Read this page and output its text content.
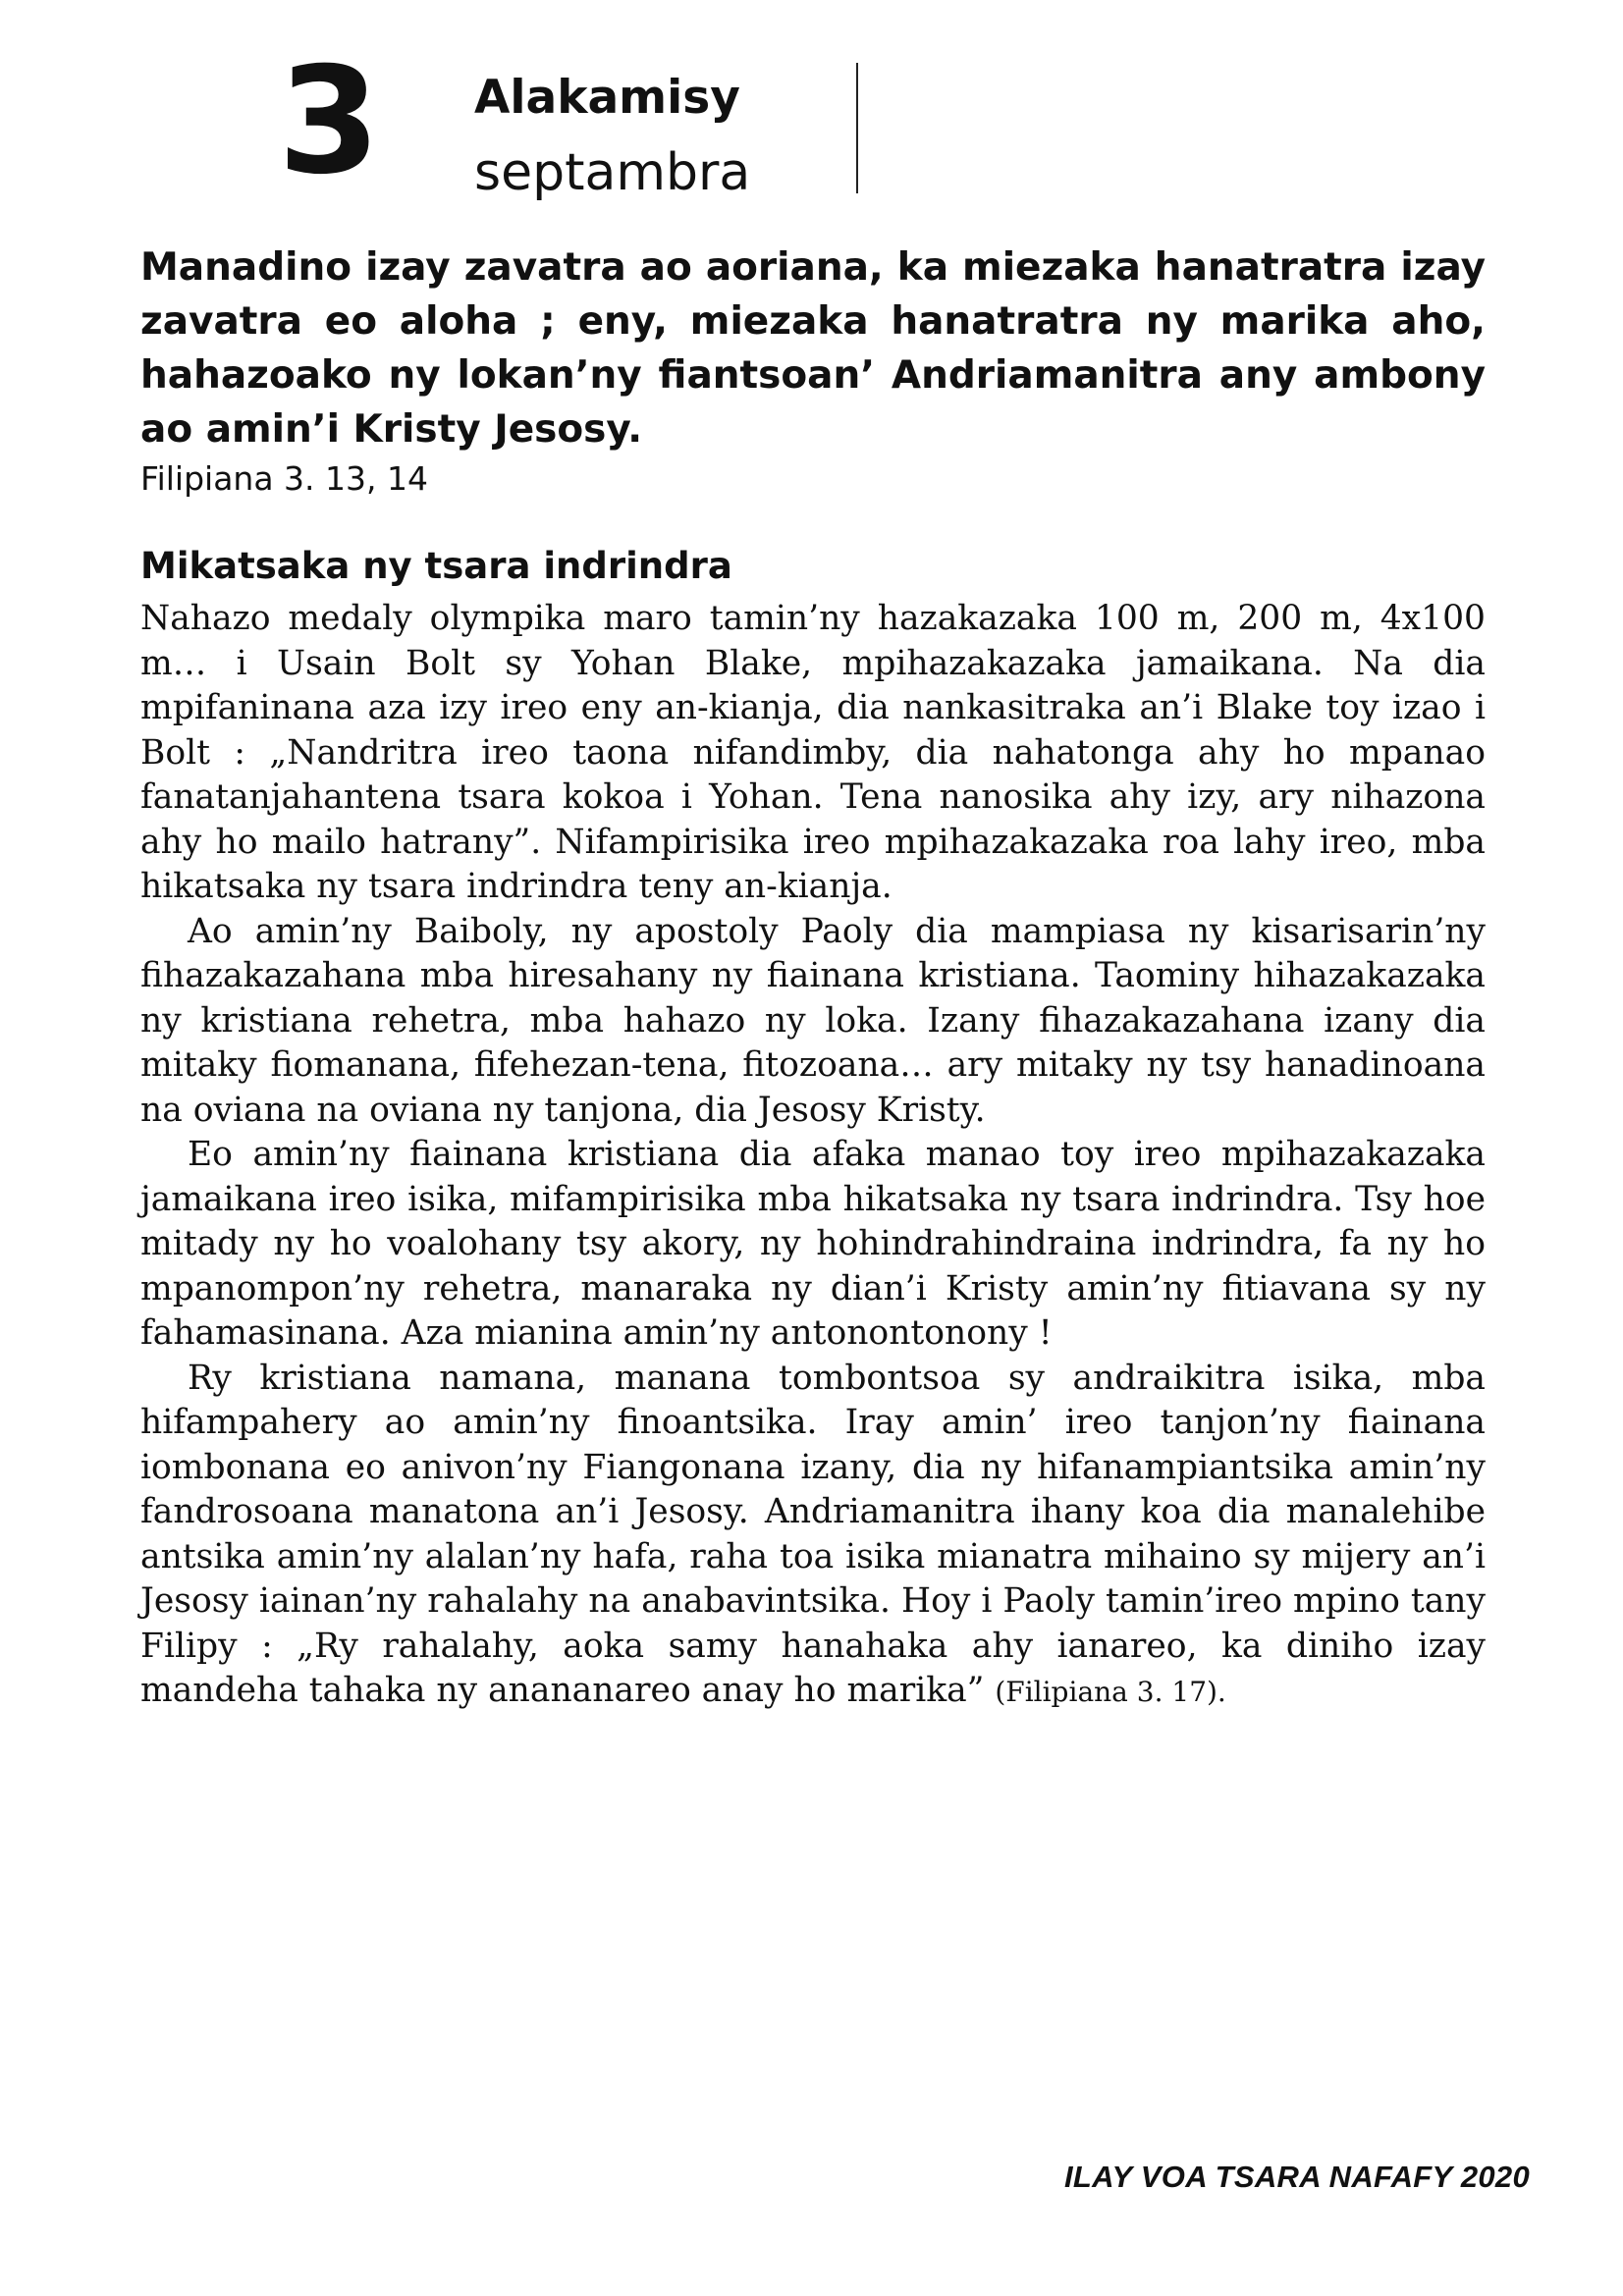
3 Alakamisy
septambra

Manadino izay zavatra ao aoriana, ka miezaka hanatratra izay zavatra eo aloha ; eny, miezaka hanatratra ny marika aho, hahazoako ny lokan’ny fiantsoan’ Andriamanitra any ambony ao amin’i Kristy Jesosy.

Filipiana 3. 13, 14
Mikatsaka ny tsara indrindra

Nahazo medaly olympika maro tamin’ny hazakazaka 100 m, 200 m, 4x100 m… i Usain Bolt sy Yohan Blake, mpihazakazaka jamaikana. Na dia mpifaninana aza izy ireo eny an-kianja, dia nankasitraka an’i Blake toy izao i Bolt : „Nandritra ireo taona nifandimby, dia nahatonga ahy ho mpanao fanatanjahantena tsara kokoa i Yohan. Tena nanosika ahy izy, ary nihazona ahy ho mailo hatrany”. Nifampirisika ireo mpihazakazaka roa lahy ireo, mba hikatsaka ny tsara indrindra teny an-kianja.

Ao amin’ny Baiboly, ny apostoly Paoly dia mampiasa ny kisarisarin’ny fihazakazahana mba hiresahany ny fiainana kristiana. Taominy hihazakazaka ny kristiana rehetra, mba hahazo ny loka. Izany fihazakazahana izany dia mitaky fiomanana, fifehezan-tena, fitozoana… ary mitaky ny tsy hanadinoana na oviana na oviana ny tanjona, dia Jesosy Kristy.

Eo amin’ny fiainana kristiana dia afaka manao toy ireo mpihazakazaka jamaikana ireo isika, mifampirisika mba hikatsaka ny tsara indrindra. Tsy hoe mitady ny ho voalohany tsy akory, ny hohindrahindraina indrindra, fa ny ho mpanompon’ny rehetra, manaraka ny dian’i Kristy amin’ny fitiavana sy ny fahamasinana. Aza mianina amin’ny antonontonony !

Ry kristiana namana, manana tombontsoa sy andraikitra isika, mba hifampahery ao amin’ny finoantsika. Iray amin’ ireo tanjon’ny fiainana iombonana eo anivon’ny Fiangonana izany, dia ny hifanampiantsika amin’ny fandrosoana manatona an’i Jesosy. Andriamanitra ihany koa dia manalehibe antsika amin’ny alalan’ny hafa, raha toa isika mianatra mihaino sy mijery an’i Jesosy iainan’ny rahalahy na anabavintsika. Hoy i Paoly tamin’ireo mpino tany Filipy : „Ry rahalahy, aoka samy hanahaka ahy ianareo, ka diniho izay mandeha tahaka ny anananareo anay ho marika” (Filipiana 3. 17).

ILAY VOA TSARA NAFAFY 2020
